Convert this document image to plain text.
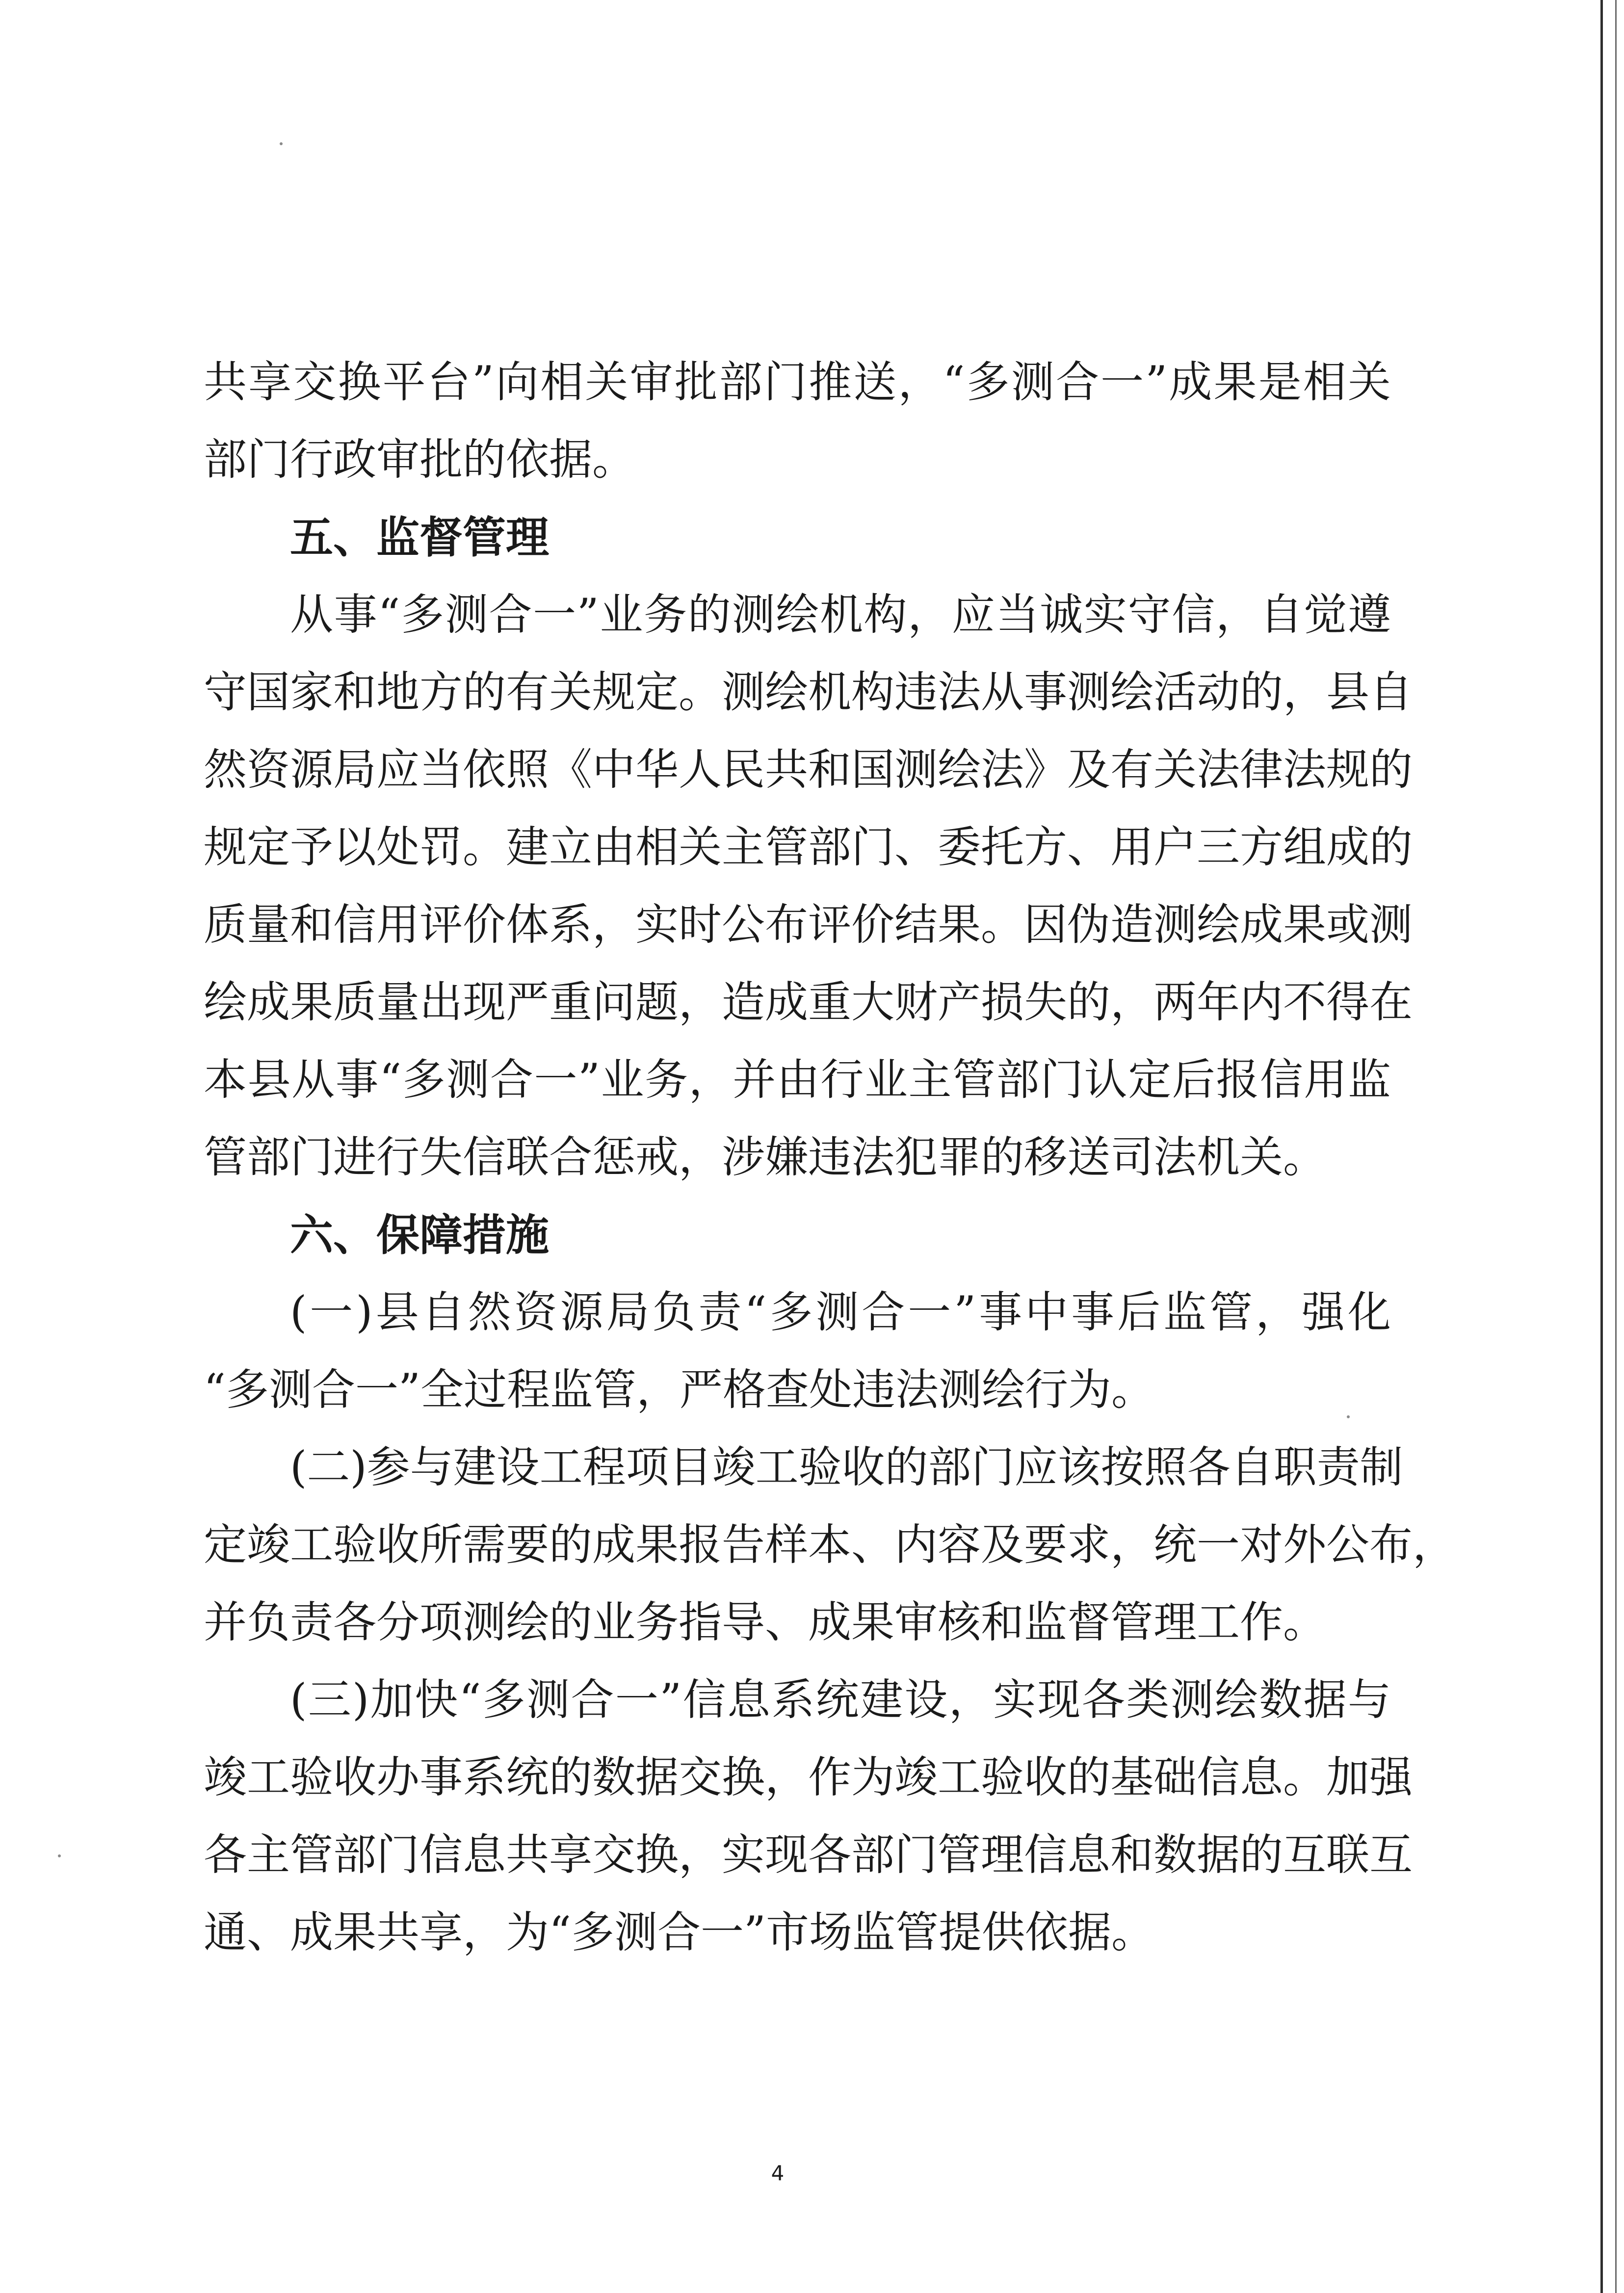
共享交换平台”向相关审批部门推送，“多测合一”成果是相关
部门行政审批的依据。
五、监督管理
从事“多测合一”业务的测绘机构，应当诚实守信，自觉遵
守国家和地方的有关规定。测绘机构违法从事测绘活动的，县自
然资源局应当依照《中华人民共和国测绘法》及有关法律法规的
规定予以处罚。建立由相关主管部门、委托方、用户三方组成的
质量和信用评价体系，实时公布评价结果。因伪造测绘成果或测
绘成果质量出现严重问题，造成重大财产损失的，两年内不得在
本县从事“多测合一”业务，并由行业主管部门认定后报信用监
管部门进行失信联合惩戒，涉嫌违法犯罪的移送司法机关。
六、保障措施
(一)县自然资源局负责“多测合一”事中事后监管，强化
“多测合一”全过程监管，严格查处违法测绘行为。
(二)参与建设工程项目竣工验收的部门应该按照各自职责制
定竣工验收所需要的成果报告样本、内容及要求，统一对外公布，
并负责各分项测绘的业务指导、成果审核和监督管理工作。
(三)加快“多测合一”信息系统建设，实现各类测绘数据与
竣工验收办事系统的数据交换，作为竣工验收的基础信息。加强
各主管部门信息共享交换，实现各部门管理信息和数据的互联互
通、成果共享，为“多测合一”市场监管提供依据。
4
